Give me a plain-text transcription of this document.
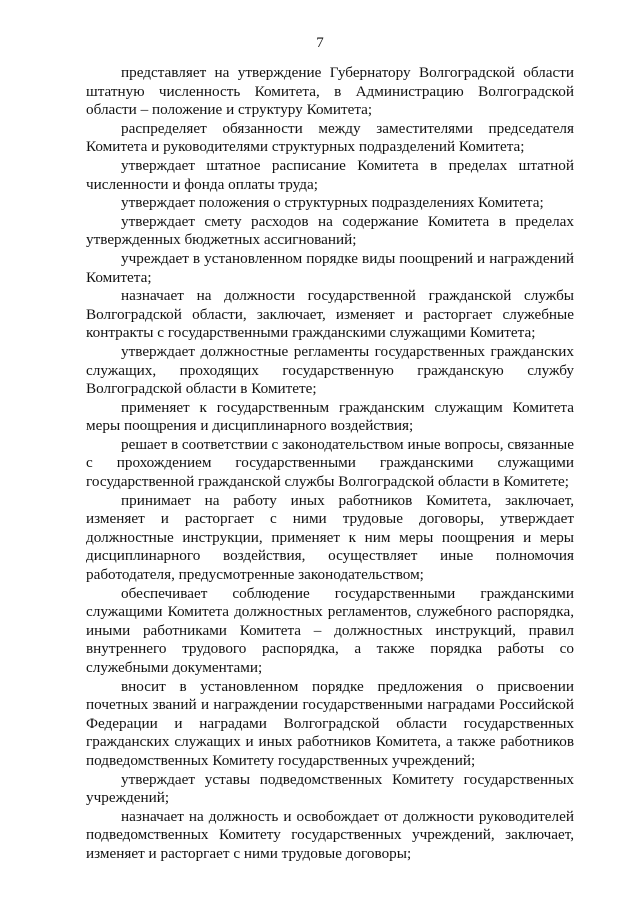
7

представляет на утверждение Губернатору Волгоградской области штатную численность Комитета, в Администрацию Волгоградской области – положение и структуру Комитета;

распределяет обязанности между заместителями председателя Комитета и руководителями структурных подразделений Комитета;

утверждает штатное расписание Комитета в пределах штатной численности и фонда оплаты труда;

утверждает положения о структурных подразделениях Комитета;

утверждает смету расходов на содержание Комитета в пределах утвержденных бюджетных ассигнований;

учреждает в установленном порядке виды поощрений и награждений Комитета;

назначает на должности государственной гражданской службы Волгоградской области, заключает, изменяет и расторгает служебные контракты с государственными гражданскими служащими Комитета;

утверждает должностные регламенты государственных гражданских служащих, проходящих государственную гражданскую службу Волгоградской области в Комитете;

применяет к государственным гражданским служащим Комитета меры поощрения и дисциплинарного воздействия;

решает в соответствии с законодательством иные вопросы, связанные с прохождением государственными гражданскими служащими государственной гражданской службы Волгоградской области в Комитете;

принимает на работу иных работников Комитета, заключает, изменяет и расторгает с ними трудовые договоры, утверждает должностные инструкции, применяет к ним меры поощрения и меры дисциплинарного воздействия, осуществляет иные полномочия работодателя, предусмотренные законодательством;

обеспечивает соблюдение государственными гражданскими служащими Комитета должностных регламентов, служебного распорядка, иными работниками Комитета – должностных инструкций, правил внутреннего трудового распорядка, а также порядка работы со служебными документами;

вносит в установленном порядке предложения о присвоении почетных званий и награждении государственными наградами Российской Федерации и наградами Волгоградской области государственных гражданских служащих и иных работников Комитета, а также работников подведомственных Комитету государственных учреждений;

утверждает уставы подведомственных Комитету государственных учреждений;

назначает на должность и освобождает от должности руководителей подведомственных Комитету государственных учреждений, заключает, изменяет и расторгает с ними трудовые договоры;
